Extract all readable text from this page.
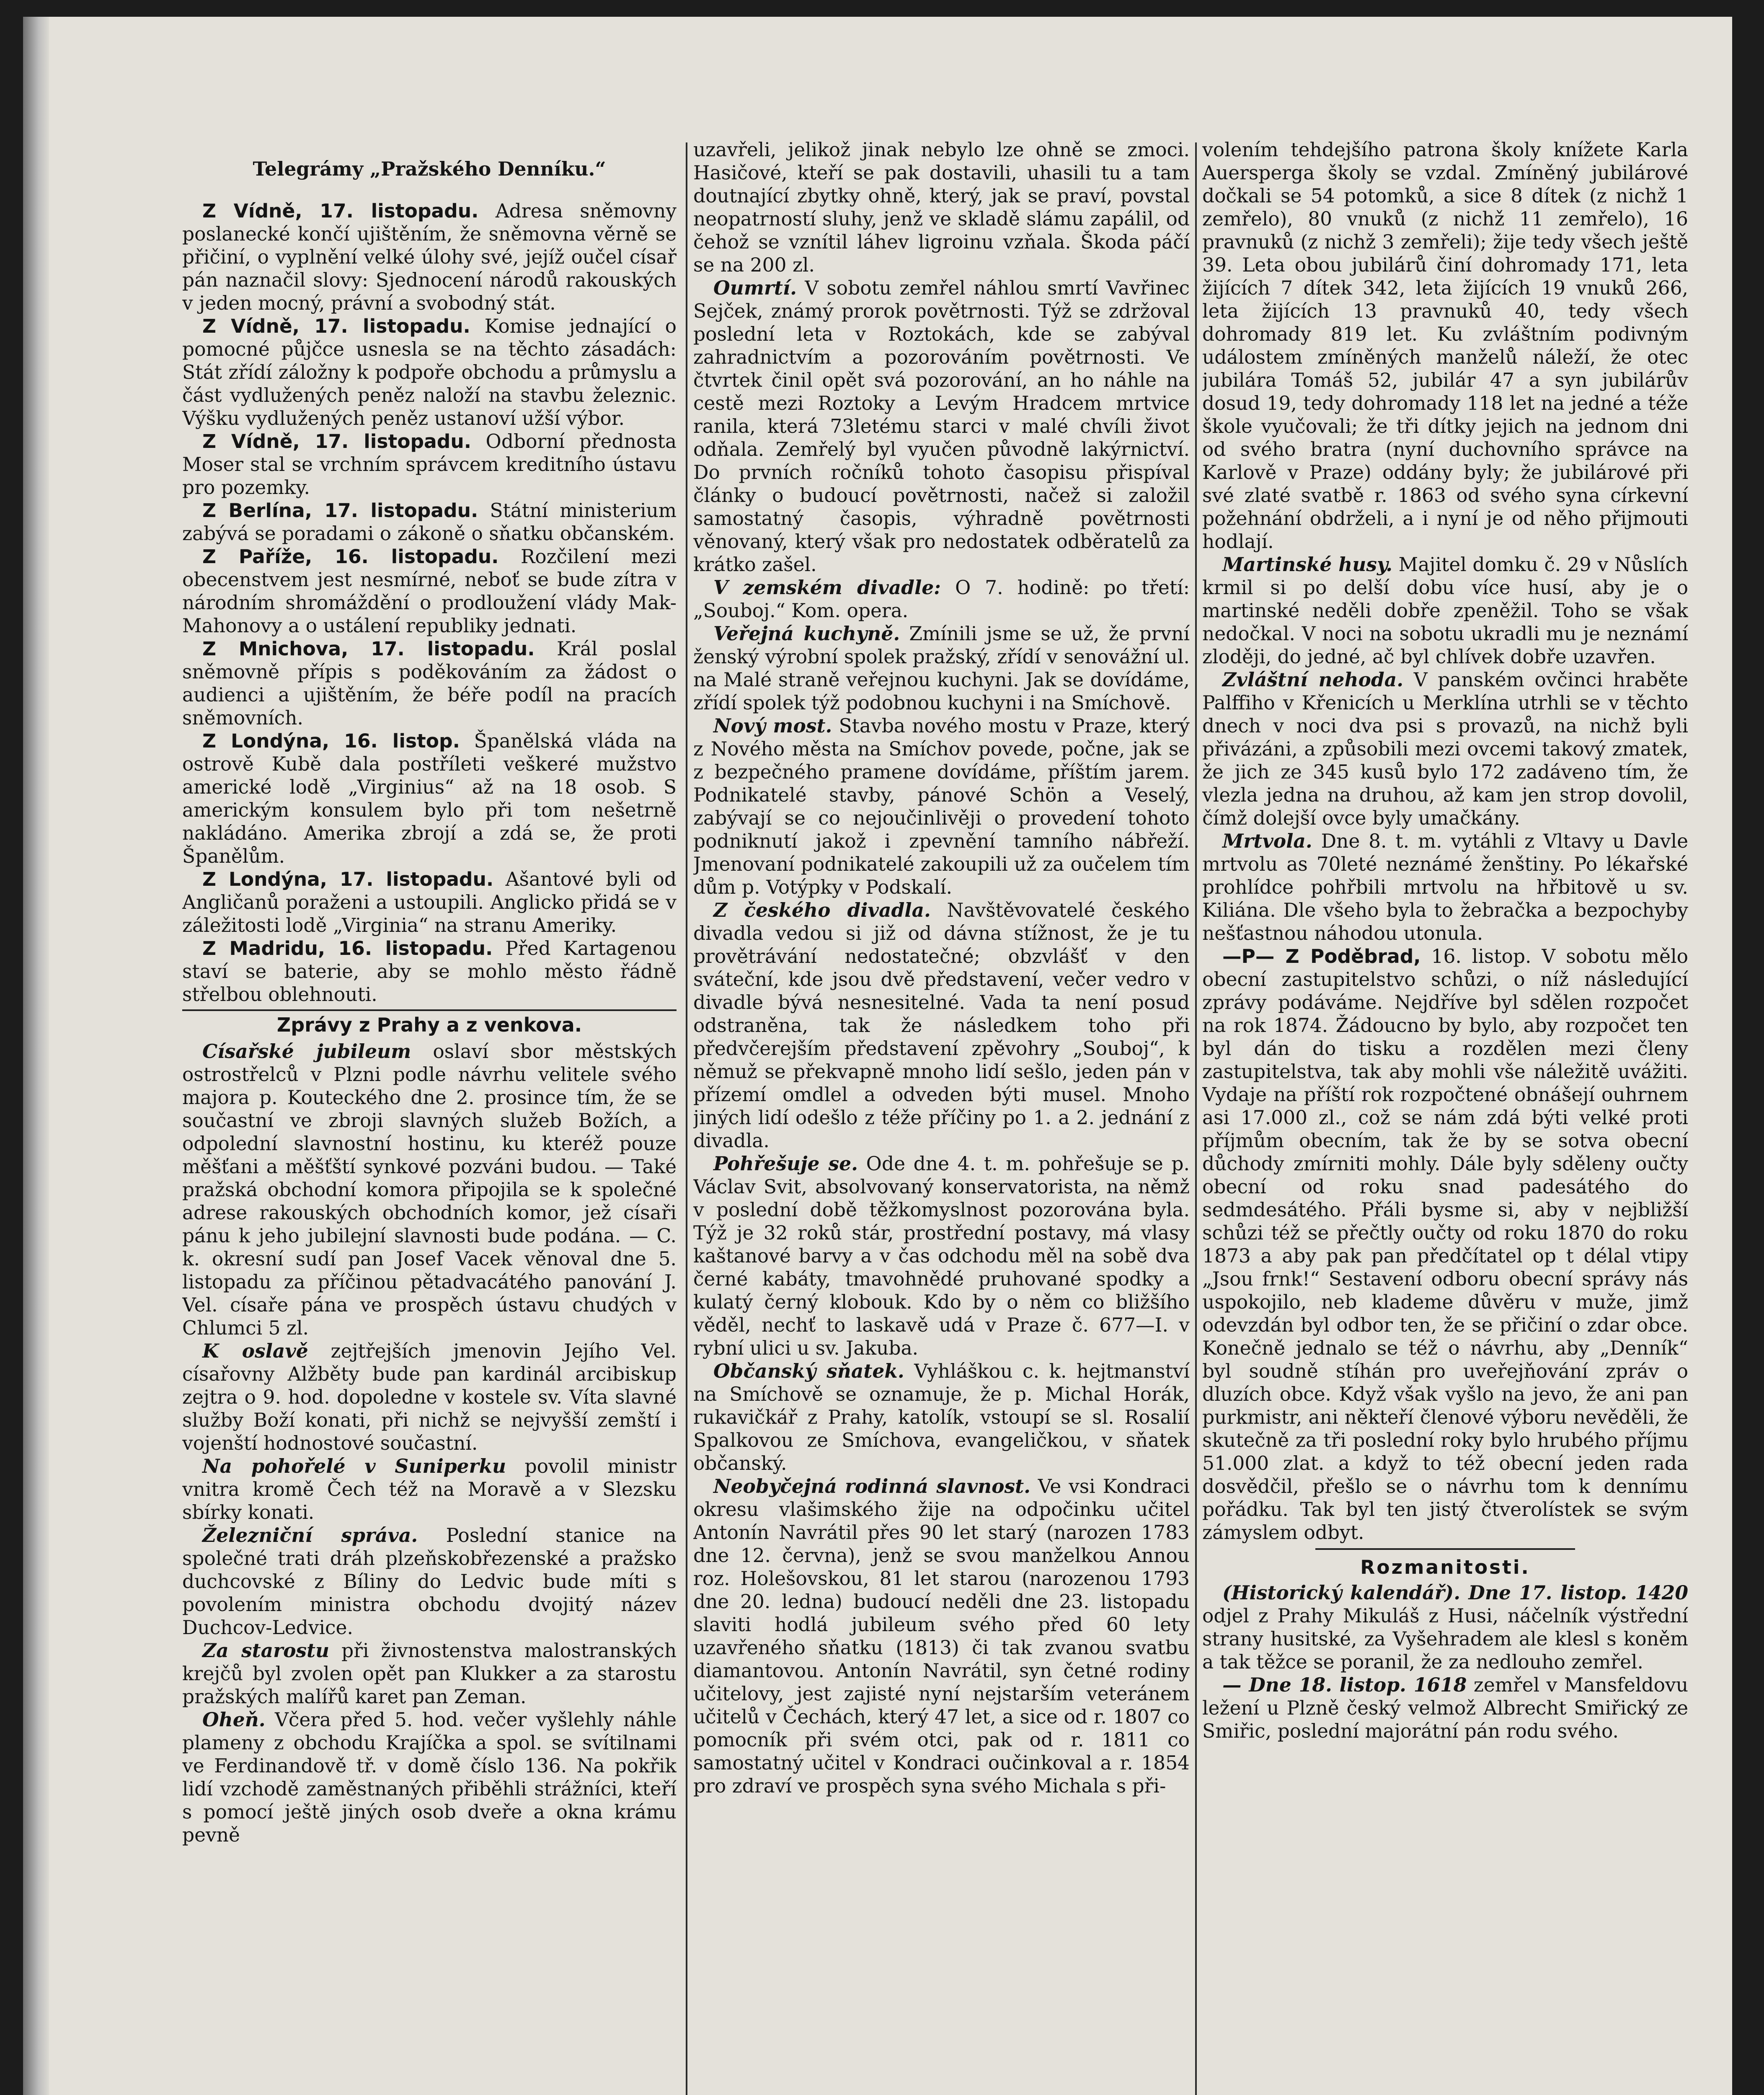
Telegrámy „Pražského Denníku.“

Z Vídně, 17. listopadu. Adresa sněmovny poslanecké končí ujištěním, že sněmovna věrně se přičiní, o vyplnění velké úlohy své, jejíž oučel císař pán naznačil slovy: Sjednocení národů rakouských v jeden mocný, právní a svobodný stát.

Z Vídně, 17. listopadu. Komise jednající o pomocné půjčce usnesla se na těchto zásadách: Stát zřídí záložny k podpoře obchodu a průmyslu a část vydlužených peněz naloží na stavbu železnic. Výšku vydlužených peněz ustanoví užší výbor.

Z Vídně, 17. listopadu. Odborní přednosta Moser stal se vrchním správcem kreditního ústavu pro pozemky.

Z Berlína, 17. listopadu. Státní ministerium zabývá se poradami o zákoně o sňatku občanském.

Z Paříže, 16. listopadu. Rozčilení mezi obecenstvem jest nesmírné, neboť se bude zítra v národním shromáždění o prodloužení vlády Mak-Mahonovy a o ustálení republiky jednati.

Z Mnichova, 17. listopadu. Král poslal sněmovně přípis s poděkováním za žádost o audienci a ujištěním, že béře podíl na pracích sněmovních.

Z Londýna, 16. listop. Španělská vláda na ostrově Kubě dala postříleti veškeré mužstvo americké lodě „Virginius“ až na 18 osob. S americkým konsulem bylo při tom nešetrně nakládáno. Amerika zbrojí a zdá se, že proti Španělům.

Z Londýna, 17. listopadu. Ašantové byli od Angličanů poraženi a ustoupili. Anglicko přidá se v záležitosti lodě „Virginia“ na stranu Ameriky.

Z Madridu, 16. listopadu. Před Kartagenou staví se baterie, aby se mohlo město řádně střelbou oblehnouti.

Zprávy z Prahy a z venkova.

Císařské jubileum oslaví sbor městských ostrostřelců v Plzni podle návrhu velitele svého majora p. Kouteckého dne 2. prosince tím, že se součastní ve zbroji slavných služeb Božích, a odpolední slavnostní hostinu, ku kteréž pouze měšťani a měšťští synkové pozváni budou. — Také pražská obchodní komora připojila se k společné adrese rakouských obchodních komor, jež císaři pánu k jeho jubilejní slavnosti bude podána. — C. k. okresní sudí pan Josef Vacek věnoval dne 5. listopadu za příčinou pětadvacátého panování J. Vel. císaře pána ve prospěch ústavu chudých v Chlumci 5 zl.

K oslavě zejtřejších jmenovin Jejího Vel. císařovny Alžběty bude pan kardinál arcibiskup zejtra o 9. hod. dopoledne v kostele sv. Víta slavné služby Boží konati, při nichž se nejvyšší zemští i vojenští hodnostové součastní.

Na pohořelé v Suniperku povolil ministr vnitra kromě Čech též na Moravě a v Slezsku sbírky konati.

Železniční správa. Poslední stanice na společné trati dráh plzeňskobřezenské a pražsko duchcovské z Bíliny do Ledvic bude míti s povolením ministra obchodu dvojitý název Duchcov-Ledvice.

Za starostu při živnostenstva malostranských krejčů byl zvolen opět pan Klukker a za starostu pražských malířů karet pan Zeman.

Oheň. Včera před 5. hod. večer vyšlehly náhle plameny z obchodu Krajíčka a spol. se svítilnami ve Ferdinandově tř. v domě číslo 136. Na pokřik lidí vzchodě zaměstnaných přiběhli strážníci, kteří s pomocí ještě jiných osob dveře a okna krámu pevně

uzavřeli, jelikož jinak nebylo lze ohně se zmoci. Hasičové, kteří se pak dostavili, uhasili tu a tam doutnající zbytky ohně, který, jak se praví, povstal neopatrností sluhy, jenž ve skladě slámu zapálil, od čehož se vznítil láhev ligroinu vzňala. Škoda páčí se na 200 zl.

Oumrtí. V sobotu zemřel náhlou smrtí Vavřinec Sejček, známý prorok povětrnosti. Týž se zdržoval poslední leta v Roztokách, kde se zabýval zahradnictvím a pozorováním povětrnosti. Ve čtvrtek činil opět svá pozorování, an ho náhle na cestě mezi Roztoky a Levým Hradcem mrtvice ranila, která 73letému starci v malé chvíli život odňala. Zemřelý byl vyučen původně lakýrnictví. Do prvních ročníků tohoto časopisu přispíval články o budoucí povětrnosti, načež si založil samostatný časopis, výhradně povětrnosti věnovaný, který však pro nedostatek odběratelů za krátko zašel.

V zemském divadle: O 7. hodině: po třetí: „Souboj.“ Kom. opera.

Veřejná kuchyně. Zmínili jsme se už, že první ženský výrobní spolek pražský, zřídí v senovážní ul. na Malé straně veřejnou kuchyni. Jak se dovídáme, zřídí spolek týž podobnou kuchyni i na Smíchově.

Nový most. Stavba nového mostu v Praze, který z Nového města na Smíchov povede, počne, jak se z bezpečného pramene dovídáme, příštím jarem. Podnikatelé stavby, pánové Schön a Veselý, zabývají se co nejoučinlivěji o provedení tohoto podniknutí jakož i zpevnění tamního nábřeží. Jmenovaní podnikatelé zakoupili už za oučelem tím dům p. Votýpky v Podskalí.

Z českého divadla. Navštěvovatelé českého divadla vedou si již od dávna stížnost, že je tu provětrávání nedostatečné; obzvlášť v den sváteční, kde jsou dvě představení, večer vedro v divadle bývá nesnesitelné. Vada ta není posud odstraněna, tak že následkem toho při předvčerejším představení zpěvohry „Souboj“, k němuž se překvapně mnoho lidí sešlo, jeden pán v přízemí omdlel a odveden býti musel. Mnoho jiných lidí odešlo z téže příčiny po 1. a 2. jednání z divadla.

Pohřešuje se. Ode dne 4. t. m. pohřešuje se p. Václav Svit, absolvovaný konservatorista, na němž v poslední době těžkomyslnost pozorována byla. Týž je 32 roků stár, prostřední postavy, má vlasy kaštanové barvy a v čas odchodu měl na sobě dva černé kabáty, tmavohnědé pruhované spodky a kulatý černý klobouk. Kdo by o něm co bližšího věděl, nechť to laskavě udá v Praze č. 677—I. v rybní ulici u sv. Jakuba.

Občanský sňatek. Vyhláškou c. k. hejtmanství na Smíchově se oznamuje, že p. Michal Horák, rukavičkář z Prahy, katolík, vstoupí se sl. Rosalií Spalkovou ze Smíchova, evangeličkou, v sňatek občanský.

Neobyčejná rodinná slavnost. Ve vsi Kondraci okresu vlašimského žije na odpočinku učitel Antonín Navrátil přes 90 let starý (narozen 1783 dne 12. června), jenž se svou manželkou Annou roz. Holešovskou, 81 let starou (narozenou 1793 dne 20. ledna) budoucí neděli dne 23. listopadu slaviti hodlá jubileum svého před 60 lety uzavřeného sňatku (1813) či tak zvanou svatbu diamantovou. Antonín Navrátil, syn četné rodiny učitelovy, jest zajisté nyní nejstarším veteránem učitelů v Čechách, který 47 let, a sice od r. 1807 co pomocník při svém otci, pak od r. 1811 co samostatný učitel v Kondraci oučinkoval a r. 1854 pro zdraví ve prospěch syna svého Michala s při-

volením tehdejšího patrona školy knížete Karla Auersperga školy se vzdal. Zmíněný jubilárové dočkali se 54 potomků, a sice 8 dítek (z nichž 1 zemřelo), 80 vnuků (z nichž 11 zemřelo), 16 pravnuků (z nichž 3 zemřeli); žije tedy všech ještě 39. Leta obou jubilárů činí dohromady 171, leta žijících 7 dítek 342, leta žijících 19 vnuků 266, leta žijících 13 pravnuků 40, tedy všech dohromady 819 let. Ku zvláštním podivným událostem zmíněných manželů náleží, že otec jubilára Tomáš 52, jubilár 47 a syn jubilárův dosud 19, tedy dohromady 118 let na jedné a téže škole vyučovali; že tři dítky jejich na jednom dni od svého bratra (nyní duchovního správce na Karlově v Praze) oddány byly; že jubilárové při své zlaté svatbě r. 1863 od svého syna církevní požehnání obdrželi, a i nyní je od něho přijmouti hodlají.

Martinské husy. Majitel domku č. 29 v Nůslích krmil si po delší dobu více husí, aby je o martinské neděli dobře zpeněžil. Toho se však nedočkal. V noci na sobotu ukradli mu je neznámí zloději, do jedné, ač byl chlívek dobře uzavřen.

Zvláštní nehoda. V panském ovčinci hraběte Palffiho v Křenicích u Merklína utrhli se v těchto dnech v noci dva psi s provazů, na nichž byli přivázáni, a způsobili mezi ovcemi takový zmatek, že jich ze 345 kusů bylo 172 zadáveno tím, že vlezla jedna na druhou, až kam jen strop dovolil, čímž dolejší ovce byly umačkány.

Mrtvola. Dne 8. t. m. vytáhli z Vltavy u Davle mrtvolu as 70leté neznámé ženštiny. Po lékařské prohlídce pohřbili mrtvolu na hřbitově u sv. Kiliána. Dle všeho byla to žebračka a bezpochyby nešťastnou náhodou utonula.

—P— Z Poděbrad, 16. listop. V sobotu mělo obecní zastupitelstvo schůzi, o níž následující zprávy podáváme. Nejdříve byl sdělen rozpočet na rok 1874. Žádoucno by bylo, aby rozpočet ten byl dán do tisku a rozdělen mezi členy zastupitelstva, tak aby mohli vše náležitě uvážiti. Vydaje na příští rok rozpočtené obnášejí ouhrnem asi 17.000 zl., což se nám zdá býti velké proti příjmům obecním, tak že by se sotva obecní důchody zmírniti mohly. Dále byly sděleny oučty obecní od roku snad padesátého do sedmdesátého. Přáli bysme si, aby v nejbližší schůzi též se přečtly oučty od roku 1870 do roku 1873 a aby pak pan předčítatel op t délal vtipy „Jsou frnk!“ Sestavení odboru obecní správy nás uspokojilo, neb klademe důvěru v muže, jimž odevzdán byl odbor ten, že se přičiní o zdar obce. Konečně jednalo se též o návrhu, aby „Denník“ byl soudně stíhán pro uveřejňování zpráv o dluzích obce. Když však vyšlo na jevo, že ani pan purkmistr, ani někteří členové výboru nevěděli, že skutečně za tři poslední roky bylo hrubého příjmu 51.000 zlat. a když to též obecní jeden rada dosvědčil, přešlo se o návrhu tom k dennímu pořádku. Tak byl ten jistý čtverolístek se svým zámyslem odbyt.

Rozmanitosti.

(Historický kalendář). Dne 17. listop. 1420 odjel z Prahy Mikuláš z Husi, náčelník výstřední strany husitské, za Vyšehradem ale klesl s koněm a tak těžce se poranil, že za nedlouho zemřel.

— Dne 18. listop. 1618 zemřel v Mansfeldovu ležení u Plzně český velmož Albrecht Smiřický ze Smiřic, poslední majorátní pán rodu svého.
